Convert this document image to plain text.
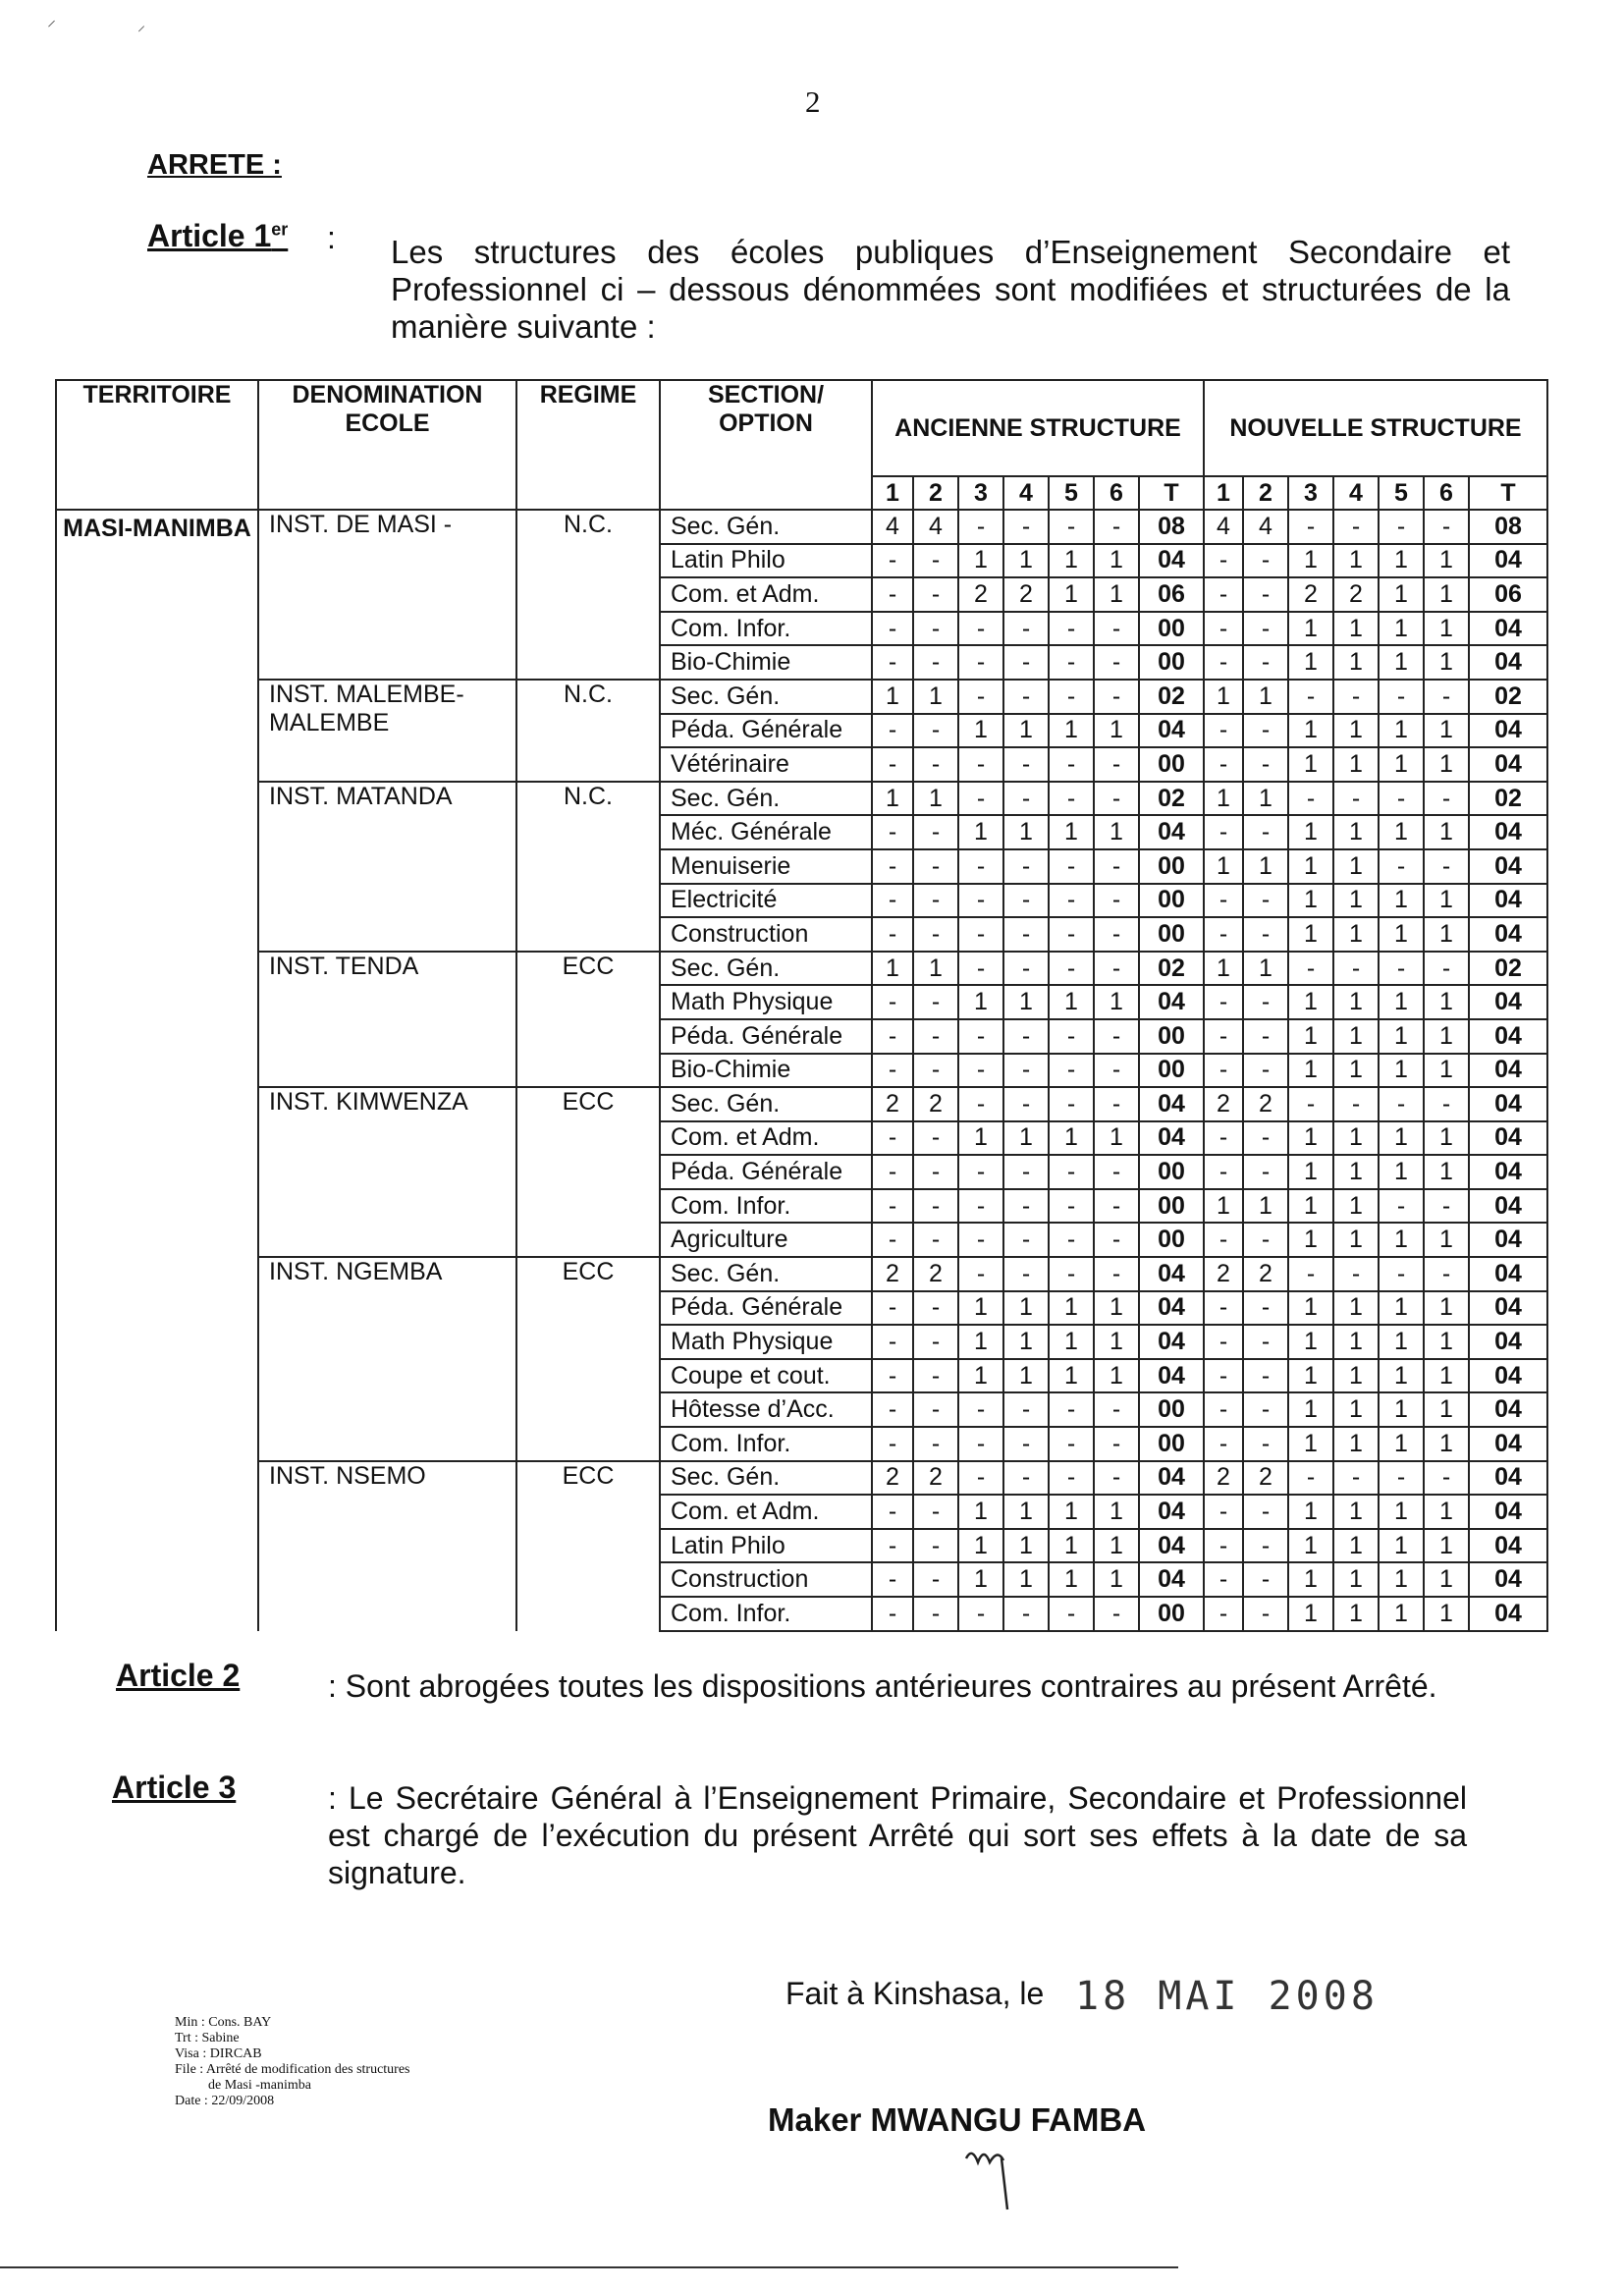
⸝	⸝
2
ARRETE :
Article 1er : Les structures des écoles publiques d’Enseignement Secondaire et Professionnel ci – dessous dénommées sont modifiées et structurées de la manière suivante :
TERRITOIRE	DENOMINATION ECOLE	REGIME	SECTION/ OPTION	ANCIENNE STRUCTURE							NOUVELLE STRUCTURE						
				1	2	3	4	5	6	T	1	2	3	4	5	6	T
MASI-MANIMBA	INST. DE MASI -	N.C.	Sec. Gén.	4	4	-	-	-	-	08	4	4	-	-	-	-	08
			Latin Philo	-	-	1	1	1	1	04	-	-	1	1	1	1	04
			Com. et Adm.	-	-	2	2	1	1	06	-	-	2	2	1	1	06
			Com. Infor.	-	-	-	-	-	-	00	-	-	1	1	1	1	04
			Bio-Chimie	-	-	-	-	-	-	00	-	-	1	1	1	1	04
	INST. MALEMBE-MALEMBE	N.C.	Sec. Gén.	1	1	-	-	-	-	02	1	1	-	-	-	-	02
			Péda. Générale	-	-	1	1	1	1	04	-	-	1	1	1	1	04
			Vétérinaire	-	-	-	-	-	-	00	-	-	1	1	1	1	04
	INST. MATANDA	N.C.	Sec. Gén.	1	1	-	-	-	-	02	1	1	-	-	-	-	02
			Méc. Générale	-	-	1	1	1	1	04	-	-	1	1	1	1	04
			Menuiserie	-	-	-	-	-	-	00	1	1	1	1	-	-	04
			Electricité	-	-	-	-	-	-	00	-	-	1	1	1	1	04
			Construction	-	-	-	-	-	-	00	-	-	1	1	1	1	04
	INST. TENDA	ECC	Sec. Gén.	1	1	-	-	-	-	02	1	1	-	-	-	-	02
			Math Physique	-	-	1	1	1	1	04	-	-	1	1	1	1	04
			Péda. Générale	-	-	-	-	-	-	00	-	-	1	1	1	1	04
			Bio-Chimie	-	-	-	-	-	-	00	-	-	1	1	1	1	04
	INST. KIMWENZA	ECC	Sec. Gén.	2	2	-	-	-	-	04	2	2	-	-	-	-	04
			Com. et Adm.	-	-	1	1	1	1	04	-	-	1	1	1	1	04
			Péda. Générale	-	-	-	-	-	-	00	-	-	1	1	1	1	04
			Com. Infor.	-	-	-	-	-	-	00	1	1	1	1	-	-	04
			Agriculture	-	-	-	-	-	-	00	-	-	1	1	1	1	04
	INST. NGEMBA	ECC	Sec. Gén.	2	2	-	-	-	-	04	2	2	-	-	-	-	04
			Péda. Générale	-	-	1	1	1	1	04	-	-	1	1	1	1	04
			Math Physique	-	-	1	1	1	1	04	-	-	1	1	1	1	04
			Coupe et cout.	-	-	1	1	1	1	04	-	-	1	1	1	1	04
			Hôtesse d’Acc.	-	-	-	-	-	-	00	-	-	1	1	1	1	04
			Com. Infor.	-	-	-	-	-	-	00	-	-	1	1	1	1	04
	INST. NSEMO	ECC	Sec. Gén.	2	2	-	-	-	-	04	2	2	-	-	-	-	04
			Com. et Adm.	-	-	1	1	1	1	04	-	-	1	1	1	1	04
			Latin Philo	-	-	1	1	1	1	04	-	-	1	1	1	1	04
			Construction	-	-	1	1	1	1	04	-	-	1	1	1	1	04
			Com. Infor.	-	-	-	-	-	-	00	-	-	1	1	1	1	04
Article 2	: Sont abrogées toutes les dispositions antérieures contraires au présent Arrêté.
Article 3	: Le Secrétaire Général à l’Enseignement Primaire, Secondaire et Professionnel est chargé de l’exécution du présent Arrêté qui sort ses effets à la date de sa signature.
Fait à Kinshasa, le 18 MAI 2008
Min : Cons. BAY
Trt : Sabine
Visa : DIRCAB
File : Arrêté de modification des structures
de Masi -manimba
Date : 22/09/2008
Maker MWANGU FAMBA
